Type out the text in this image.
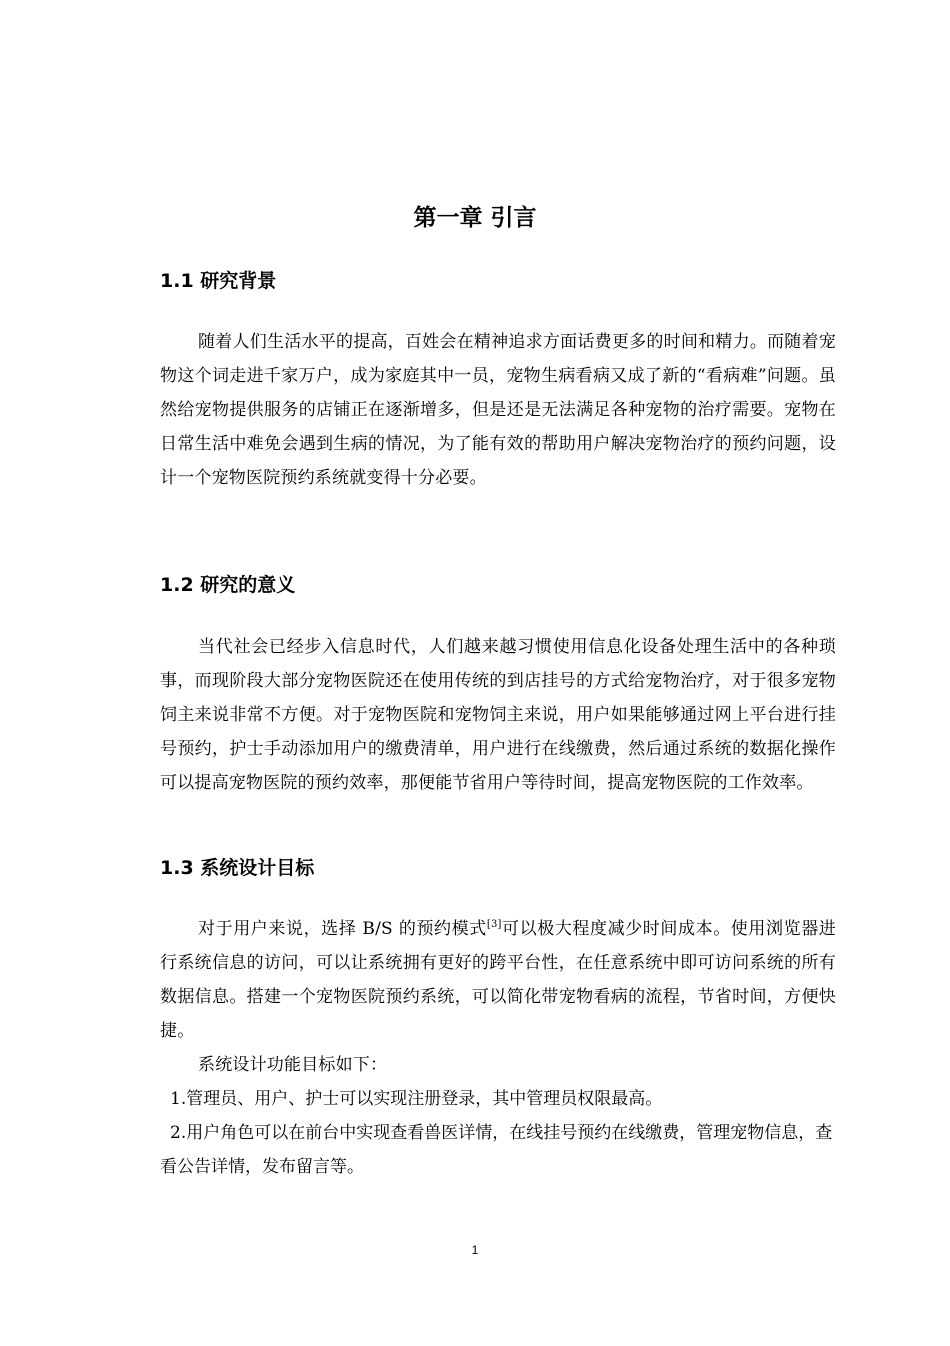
第一章 引言
1.1 研究背景
随着人们生活水平的提高，百姓会在精神追求方面话费更多的时间和精力。而随着宠物这个词走进千家万户，成为家庭其中一员，宠物生病看病又成了新的“看病难”问题。虽然给宠物提供服务的店铺正在逐渐增多，但是还是无法满足各种宠物的治疗需要。宠物在日常生活中难免会遇到生病的情况，为了能有效的帮助用户解决宠物治疗的预约问题，设计一个宠物医院预约系统就变得十分必要。
1.2 研究的意义
当代社会已经步入信息时代，人们越来越习惯使用信息化设备处理生活中的各种琐事，而现阶段大部分宠物医院还在使用传统的到店挂号的方式给宠物治疗，对于很多宠物饲主来说非常不方便。对于宠物医院和宠物饲主来说，用户如果能够通过网上平台进行挂号预约，护士手动添加用户的缴费清单，用户进行在线缴费，然后通过系统的数据化操作可以提高宠物医院的预约效率，那便能节省用户等待时间，提高宠物医院的工作效率。
1.3 系统设计目标
对于用户来说，选择 B/S 的预约模式[3]可以极大程度减少时间成本。使用浏览器进行系统信息的访问，可以让系统拥有更好的跨平台性，在任意系统中即可访问系统的所有数据信息。搭建一个宠物医院预约系统，可以简化带宠物看病的流程，节省时间，方便快捷。
系统设计功能目标如下：
1.管理员、用户、护士可以实现注册登录，其中管理员权限最高。
2.用户角色可以在前台中实现查看兽医详情，在线挂号预约在线缴费，管理宠物信息，查看公告详情，发布留言等。
1
